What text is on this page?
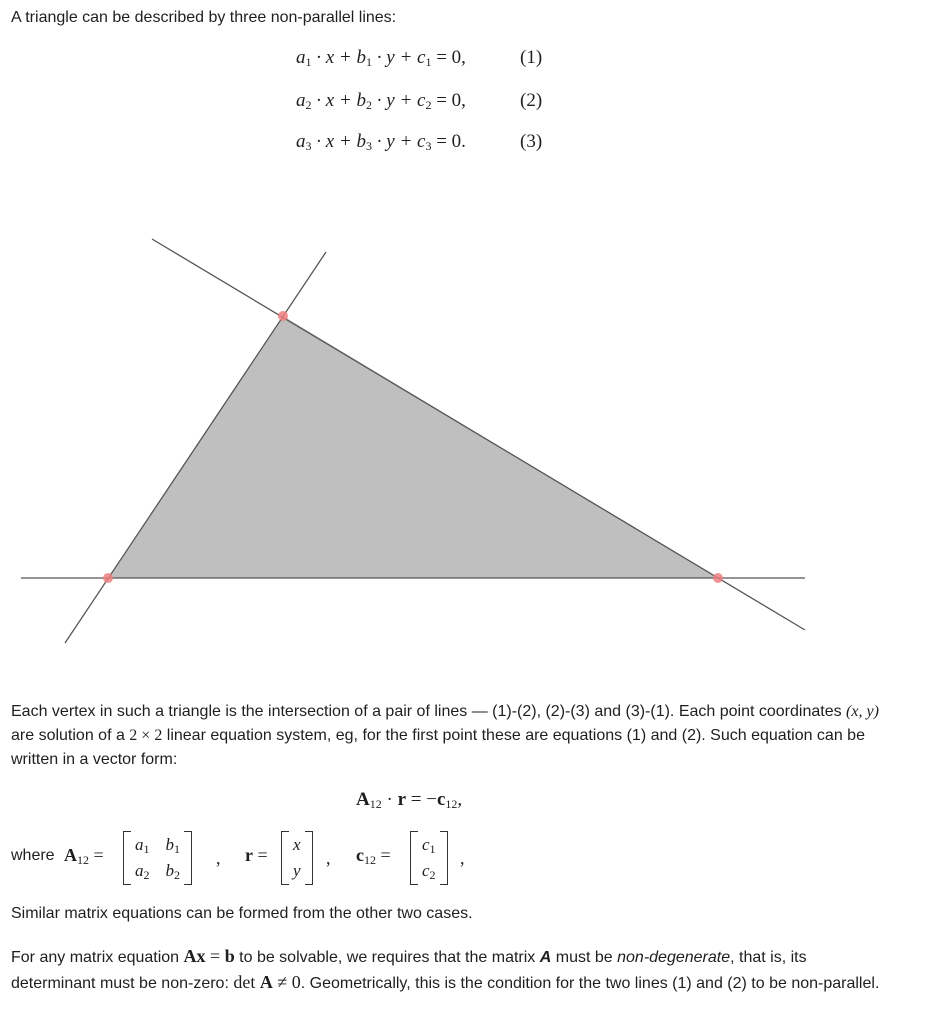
A triangle can be described by three non-parallel lines:
$a_1 \cdot x + b_1 \cdot y + c_1 = 0$,	(1)
$a_2 \cdot x + b_2 \cdot y + c_2 = 0$,	(2)
$a_3 \cdot x + b_3 \cdot y + c_3 = 0$.	(3)
Each vertex in such a triangle is the intersection of a pair of lines — (1)-(2), (2)-(3) and (3)-(1). Each point coordinates (x, y) are solution of a 2 × 2 linear equation system, eg, for the first point these are equations (1) and (2). Such equation can be written in a vector form:
$A_{12} \cdot r = -c_{12}$,
where $A_{12}$ =
$a_1$ $b_1$
$a_2$ $b_2$
, r =
x
y
, $c_{12}$ =
$c_1$
$c_2$
,
Similar matrix equations can be formed from the other two cases.
For any matrix equation Ax = b to be solvable, we requires that the matrix A must be non-degenerate, that is, its determinant must be non-zero: det A ≠ 0. Geometrically, this is the condition for the two lines (1) and (2) to be non-parallel.
